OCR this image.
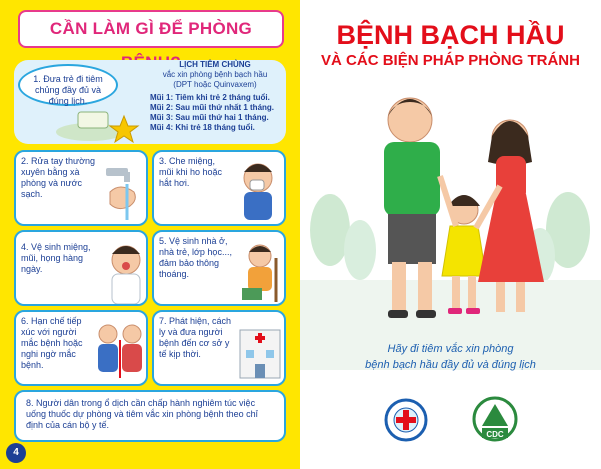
CẦN LÀM GÌ ĐỂ PHÒNG
1. Đưa trẻ đi tiêm chủng đầy đủ và đúng lịch.
LỊCH TIÊM CHỦNG
vắc xin phòng bệnh bạch hầu
(DPT hoặc Quinvaxem)
Mũi 1: Tiêm khi trẻ 2 tháng tuổi.
Mũi 2: Sau mũi thứ nhất 1 tháng.
Mũi 3: Sau mũi thứ hai 1 tháng.
Mũi 4: Khi trẻ 18 tháng tuổi.
2. Rửa tay thường xuyên bằng xà phòng và nước sạch.
3. Che miệng, mũi khi ho hoặc hắt hơi.
4. Vệ sinh miệng, mũi, họng hàng ngày.
5. Vệ sinh nhà ở, nhà trẻ, lớp học..., đảm bảo thông thoáng.
6. Hạn chế tiếp xúc với người mắc bệnh hoặc nghi ngờ mắc bệnh.
7. Phát hiện, cách ly và đưa người bệnh đến cơ sở y tế kịp thời.
8. Người dân trong ổ dịch cần chấp hành nghiêm túc việc uống thuốc dự phòng và tiêm vắc xin phòng bệnh theo chỉ định của cán bộ y tế.
4
BỆNH BẠCH HẦU
VÀ CÁC BIỆN PHÁP PHÒNG TRÁNH
Hãy đi tiêm vắc xin phòng
bệnh bạch hầu đầy đủ và đúng lịch
CDC
